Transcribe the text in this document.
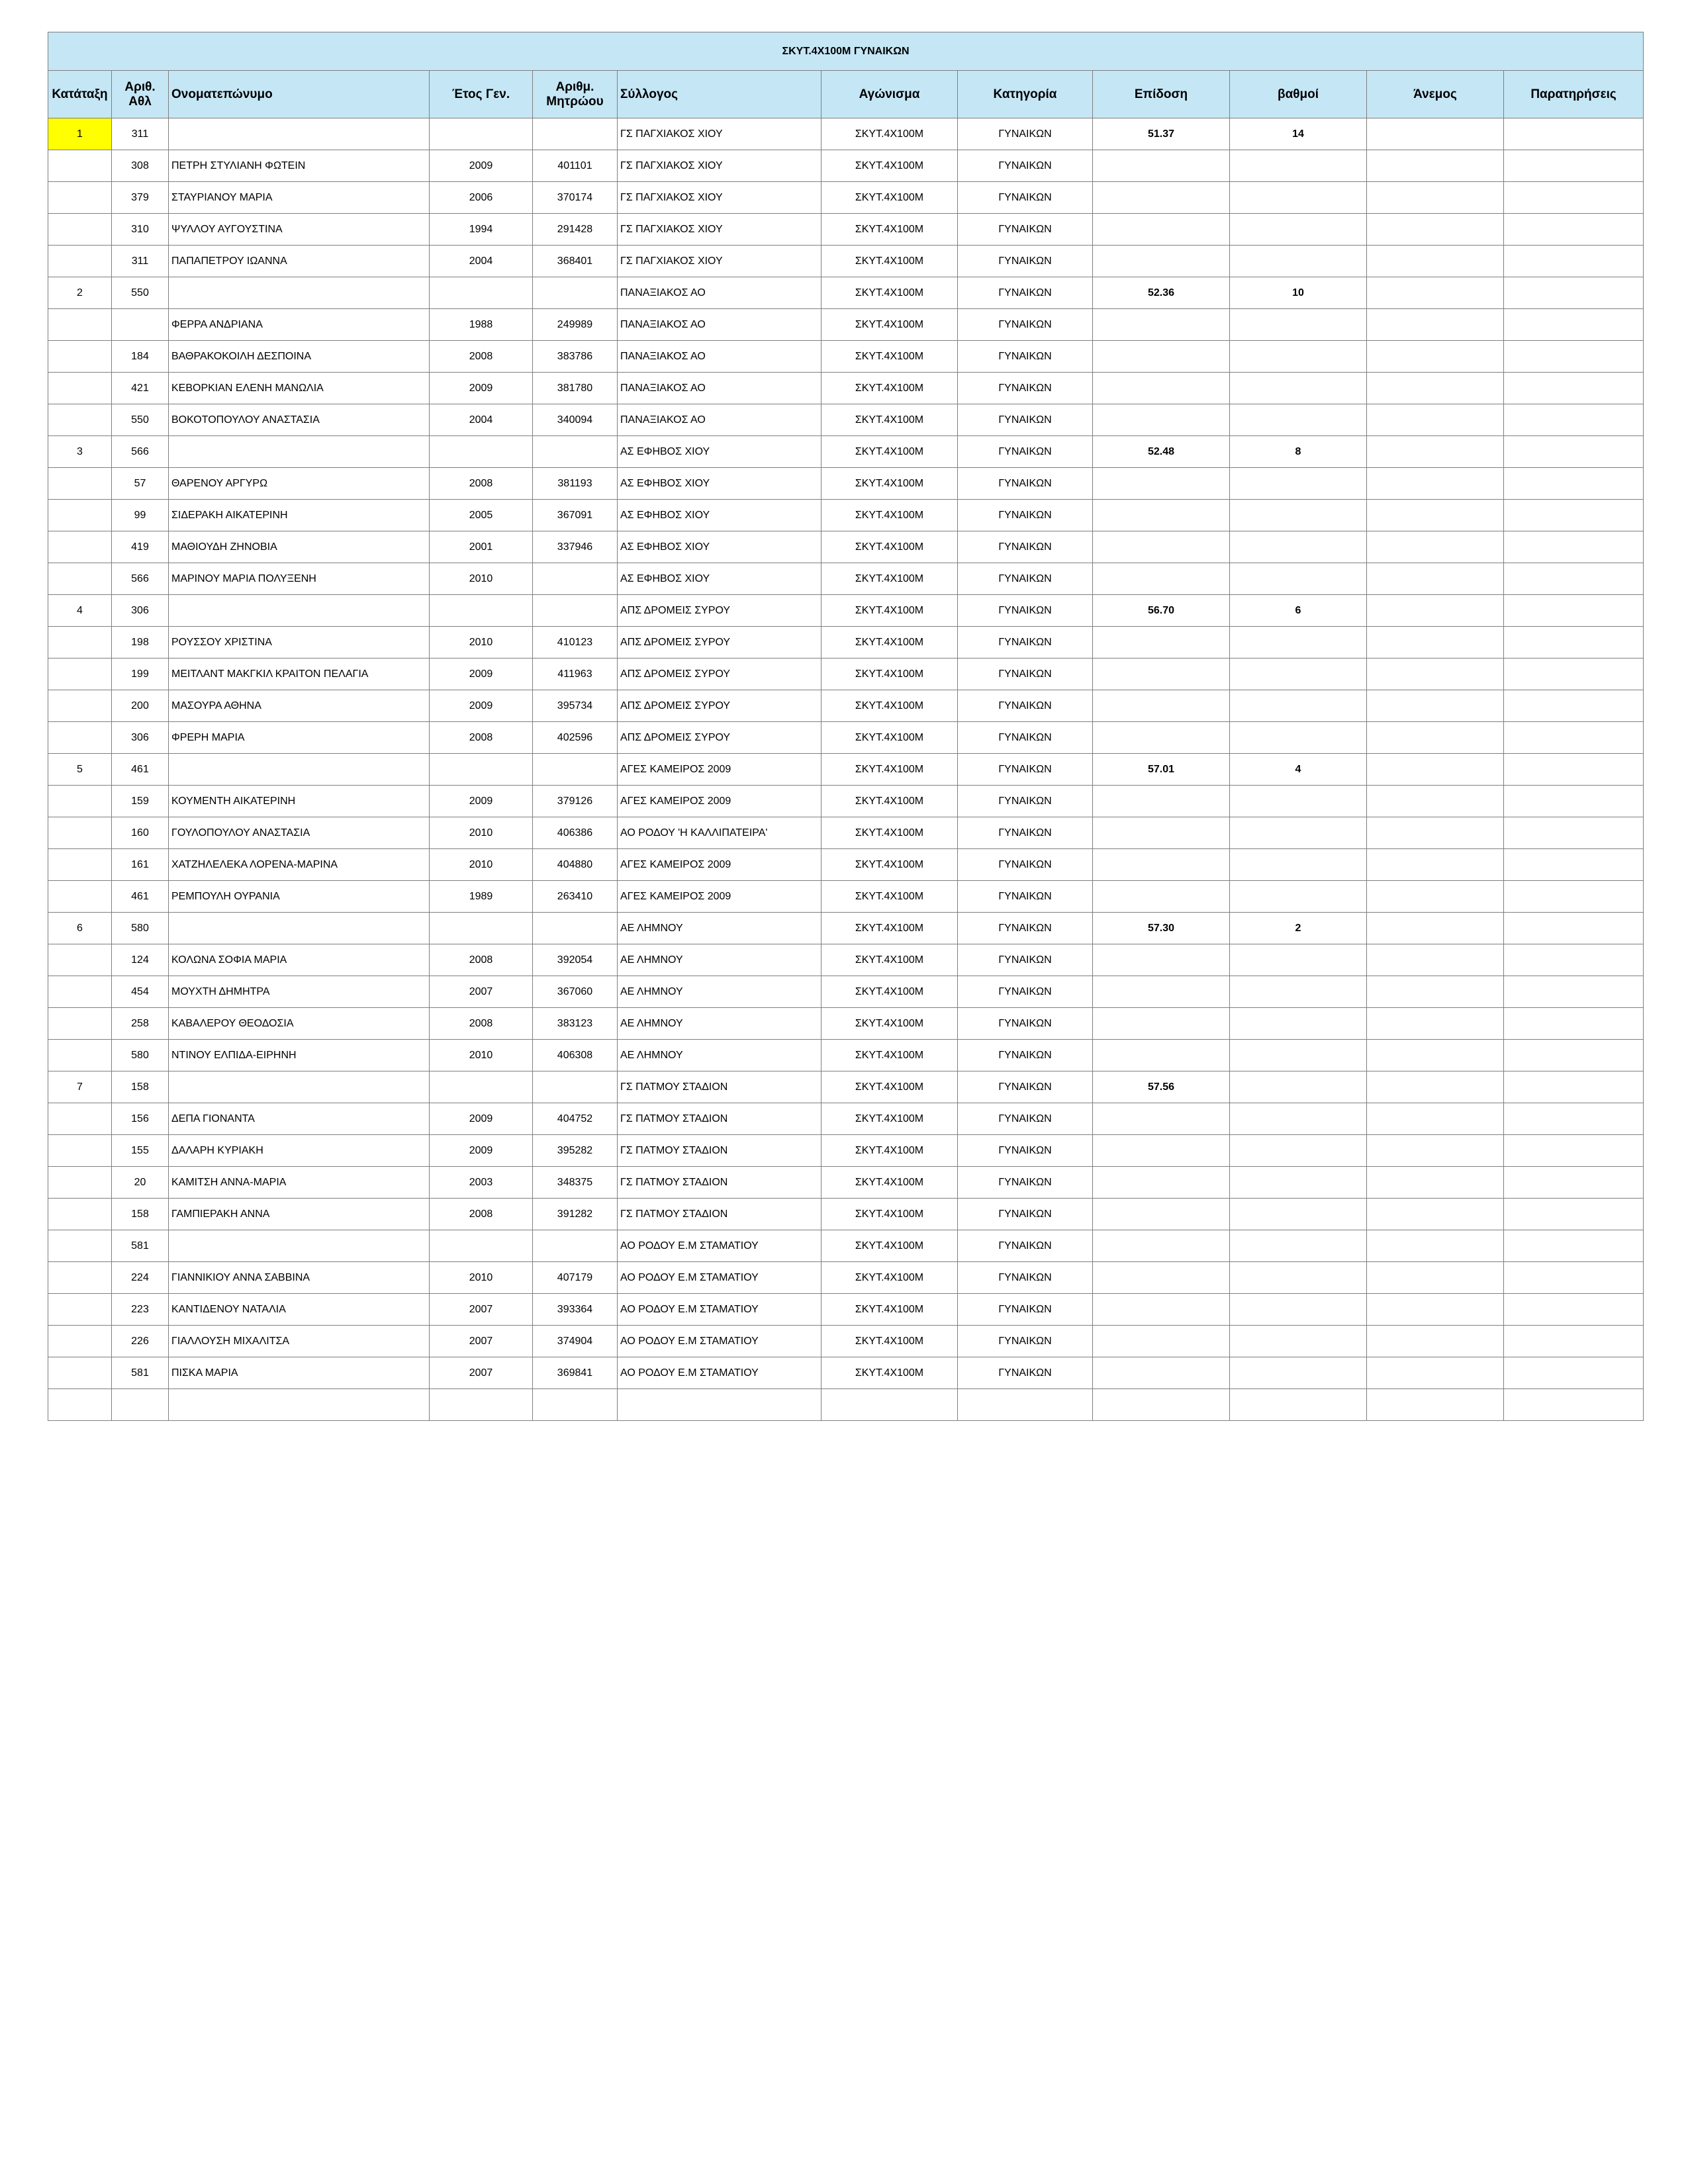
ΣΚΥΤ.4Χ100Μ ΓΥΝΑΙΚΩΝ											
Κατάταξη	Αριθ. Αθλ	Ονοματεπώνυμο	Έτος Γεν.	Αριθμ. Μητρώου	Σύλλογος	Αγώνισμα	Κατηγορία	Επίδοση	βαθμοί	Άνεμος	Παρατηρήσεις
1	311				ΓΣ ΠΑΓΧΙΑΚΟΣ ΧΙΟΥ	ΣΚΥΤ.4Χ100Μ	ΓΥΝΑΙΚΩΝ	51.37	14		
	308	ΠΕΤΡΗ ΣΤΥΛΙΑΝΗ ΦΩΤΕΙΝ	2009	401101	ΓΣ ΠΑΓΧΙΑΚΟΣ ΧΙΟΥ	ΣΚΥΤ.4Χ100Μ	ΓΥΝΑΙΚΩΝ				
	379	ΣΤΑΥΡΙΑΝΟΥ ΜΑΡΙΑ	2006	370174	ΓΣ ΠΑΓΧΙΑΚΟΣ ΧΙΟΥ	ΣΚΥΤ.4Χ100Μ	ΓΥΝΑΙΚΩΝ				
	310	ΨΥΛΛΟΥ ΑΥΓΟΥΣΤΙΝΑ	1994	291428	ΓΣ ΠΑΓΧΙΑΚΟΣ ΧΙΟΥ	ΣΚΥΤ.4Χ100Μ	ΓΥΝΑΙΚΩΝ				
	311	ΠΑΠΑΠΕΤΡΟΥ ΙΩΑΝΝΑ	2004	368401	ΓΣ ΠΑΓΧΙΑΚΟΣ ΧΙΟΥ	ΣΚΥΤ.4Χ100Μ	ΓΥΝΑΙΚΩΝ				
2	550				ΠΑΝΑΞΙΑΚΟΣ ΑΟ	ΣΚΥΤ.4Χ100Μ	ΓΥΝΑΙΚΩΝ	52.36	10		
		ΦΕΡΡΑ ΑΝΔΡΙΑΝΑ	1988	249989	ΠΑΝΑΞΙΑΚΟΣ ΑΟ	ΣΚΥΤ.4Χ100Μ	ΓΥΝΑΙΚΩΝ				
	184	ΒΑΘΡΑΚΟΚΟΙΛΗ ΔΕΣΠΟΙΝΑ	2008	383786	ΠΑΝΑΞΙΑΚΟΣ ΑΟ	ΣΚΥΤ.4Χ100Μ	ΓΥΝΑΙΚΩΝ				
	421	ΚΕΒΟΡΚΙΑΝ ΕΛΕΝΗ ΜΑΝΩΛΙΑ	2009	381780	ΠΑΝΑΞΙΑΚΟΣ ΑΟ	ΣΚΥΤ.4Χ100Μ	ΓΥΝΑΙΚΩΝ				
	550	ΒΟΚΟΤΟΠΟΥΛΟΥ ΑΝΑΣΤΑΣΙΑ	2004	340094	ΠΑΝΑΞΙΑΚΟΣ ΑΟ	ΣΚΥΤ.4Χ100Μ	ΓΥΝΑΙΚΩΝ				
3	566				ΑΣ ΕΦΗΒΟΣ ΧΙΟΥ	ΣΚΥΤ.4Χ100Μ	ΓΥΝΑΙΚΩΝ	52.48	8		
	57	ΘΑΡΕΝΟΥ ΑΡΓΥΡΩ	2008	381193	ΑΣ ΕΦΗΒΟΣ ΧΙΟΥ	ΣΚΥΤ.4Χ100Μ	ΓΥΝΑΙΚΩΝ				
	99	ΣΙΔΕΡΑΚΗ ΑΙΚΑΤΕΡΙΝΗ	2005	367091	ΑΣ ΕΦΗΒΟΣ ΧΙΟΥ	ΣΚΥΤ.4Χ100Μ	ΓΥΝΑΙΚΩΝ				
	419	ΜΑΘΙΟΥΔΗ ΖΗΝΟΒΙΑ	2001	337946	ΑΣ ΕΦΗΒΟΣ ΧΙΟΥ	ΣΚΥΤ.4Χ100Μ	ΓΥΝΑΙΚΩΝ				
	566	ΜΑΡΙΝΟΥ ΜΑΡΙΑ ΠΟΛΥΞΕΝΗ	2010		ΑΣ ΕΦΗΒΟΣ ΧΙΟΥ	ΣΚΥΤ.4Χ100Μ	ΓΥΝΑΙΚΩΝ				
4	306				ΑΠΣ ΔΡΟΜΕΙΣ ΣΥΡΟΥ	ΣΚΥΤ.4Χ100Μ	ΓΥΝΑΙΚΩΝ	56.70	6		
	198	ΡΟΥΣΣΟΥ ΧΡΙΣΤΙΝΑ	2010	410123	ΑΠΣ ΔΡΟΜΕΙΣ ΣΥΡΟΥ	ΣΚΥΤ.4Χ100Μ	ΓΥΝΑΙΚΩΝ				
	199	ΜΕΙΤΛΑΝΤ ΜΑΚΓΚΙΛ ΚΡΑΙΤΟΝ ΠΕΛΑΓΙΑ	2009	411963	ΑΠΣ ΔΡΟΜΕΙΣ ΣΥΡΟΥ	ΣΚΥΤ.4Χ100Μ	ΓΥΝΑΙΚΩΝ				
	200	ΜΑΣΟΥΡΑ ΑΘΗΝΑ	2009	395734	ΑΠΣ ΔΡΟΜΕΙΣ ΣΥΡΟΥ	ΣΚΥΤ.4Χ100Μ	ΓΥΝΑΙΚΩΝ				
	306	ΦΡΕΡΗ ΜΑΡΙΑ	2008	402596	ΑΠΣ ΔΡΟΜΕΙΣ ΣΥΡΟΥ	ΣΚΥΤ.4Χ100Μ	ΓΥΝΑΙΚΩΝ				
5	461				ΑΓΕΣ ΚΑΜΕΙΡΟΣ 2009	ΣΚΥΤ.4Χ100Μ	ΓΥΝΑΙΚΩΝ	57.01	4		
	159	ΚΟΥΜΕΝΤΗ ΑΙΚΑΤΕΡΙΝΗ	2009	379126	ΑΓΕΣ ΚΑΜΕΙΡΟΣ 2009	ΣΚΥΤ.4Χ100Μ	ΓΥΝΑΙΚΩΝ				
	160	ΓΟΥΛΟΠΟΥΛΟΥ ΑΝΑΣΤΑΣΙΑ	2010	406386	ΑΟ ΡΟΔΟΥ 'Η ΚΑΛΛΙΠΑΤΕΙΡΑ'	ΣΚΥΤ.4Χ100Μ	ΓΥΝΑΙΚΩΝ				
	161	ΧΑΤΖΗΛΕΛΕΚΑ ΛΟΡΕΝΑ-ΜΑΡΙΝΑ	2010	404880	ΑΓΕΣ ΚΑΜΕΙΡΟΣ 2009	ΣΚΥΤ.4Χ100Μ	ΓΥΝΑΙΚΩΝ				
	461	ΡΕΜΠΟΥΛΗ ΟΥΡΑΝΙΑ	1989	263410	ΑΓΕΣ ΚΑΜΕΙΡΟΣ 2009	ΣΚΥΤ.4Χ100Μ	ΓΥΝΑΙΚΩΝ				
6	580				ΑΕ ΛΗΜΝΟΥ	ΣΚΥΤ.4Χ100Μ	ΓΥΝΑΙΚΩΝ	57.30	2		
	124	ΚΟΛΩΝΑ ΣΟΦΙΑ ΜΑΡΙΑ	2008	392054	ΑΕ ΛΗΜΝΟΥ	ΣΚΥΤ.4Χ100Μ	ΓΥΝΑΙΚΩΝ				
	454	ΜΟΥΧΤΗ ΔΗΜΗΤΡΑ	2007	367060	ΑΕ ΛΗΜΝΟΥ	ΣΚΥΤ.4Χ100Μ	ΓΥΝΑΙΚΩΝ				
	258	ΚΑΒΑΛΕΡΟΥ ΘΕΟΔΟΣΙΑ	2008	383123	ΑΕ ΛΗΜΝΟΥ	ΣΚΥΤ.4Χ100Μ	ΓΥΝΑΙΚΩΝ				
	580	ΝΤΙΝΟΥ ΕΛΠΙΔΑ-ΕΙΡΗΝΗ	2010	406308	ΑΕ ΛΗΜΝΟΥ	ΣΚΥΤ.4Χ100Μ	ΓΥΝΑΙΚΩΝ				
7	158				ΓΣ ΠΑΤΜΟΥ ΣΤΑΔΙΟΝ	ΣΚΥΤ.4Χ100Μ	ΓΥΝΑΙΚΩΝ	57.56			
	156	ΔΕΠΑ ΓΙΟΝΑΝΤΑ	2009	404752	ΓΣ ΠΑΤΜΟΥ ΣΤΑΔΙΟΝ	ΣΚΥΤ.4Χ100Μ	ΓΥΝΑΙΚΩΝ				
	155	ΔΑΛΑΡΗ ΚΥΡΙΑΚΗ	2009	395282	ΓΣ ΠΑΤΜΟΥ ΣΤΑΔΙΟΝ	ΣΚΥΤ.4Χ100Μ	ΓΥΝΑΙΚΩΝ				
	20	ΚΑΜΙΤΣΗ ΑΝΝΑ-ΜΑΡΙΑ	2003	348375	ΓΣ ΠΑΤΜΟΥ ΣΤΑΔΙΟΝ	ΣΚΥΤ.4Χ100Μ	ΓΥΝΑΙΚΩΝ				
	158	ΓΑΜΠΙΕΡΑΚΗ ΑΝΝΑ	2008	391282	ΓΣ ΠΑΤΜΟΥ ΣΤΑΔΙΟΝ	ΣΚΥΤ.4Χ100Μ	ΓΥΝΑΙΚΩΝ				
	581				ΑΟ ΡΟΔΟΥ Ε.Μ ΣΤΑΜΑΤΙΟΥ	ΣΚΥΤ.4Χ100Μ	ΓΥΝΑΙΚΩΝ				
	224	ΓΙΑΝΝΙΚΙΟΥ ΑΝΝΑ ΣΑΒΒΙΝΑ	2010	407179	ΑΟ ΡΟΔΟΥ Ε.Μ ΣΤΑΜΑΤΙΟΥ	ΣΚΥΤ.4Χ100Μ	ΓΥΝΑΙΚΩΝ				
	223	ΚΑΝΤΙΔΕΝΟΥ ΝΑΤΑΛΙΑ	2007	393364	ΑΟ ΡΟΔΟΥ Ε.Μ ΣΤΑΜΑΤΙΟΥ	ΣΚΥΤ.4Χ100Μ	ΓΥΝΑΙΚΩΝ				
	226	ΓΙΑΛΛΟΥΣΗ ΜΙΧΑΛΙΤΣΑ	2007	374904	ΑΟ ΡΟΔΟΥ Ε.Μ ΣΤΑΜΑΤΙΟΥ	ΣΚΥΤ.4Χ100Μ	ΓΥΝΑΙΚΩΝ				
	581	ΠΙΣΚΑ ΜΑΡΙΑ	2007	369841	ΑΟ ΡΟΔΟΥ Ε.Μ ΣΤΑΜΑΤΙΟΥ	ΣΚΥΤ.4Χ100Μ	ΓΥΝΑΙΚΩΝ				
